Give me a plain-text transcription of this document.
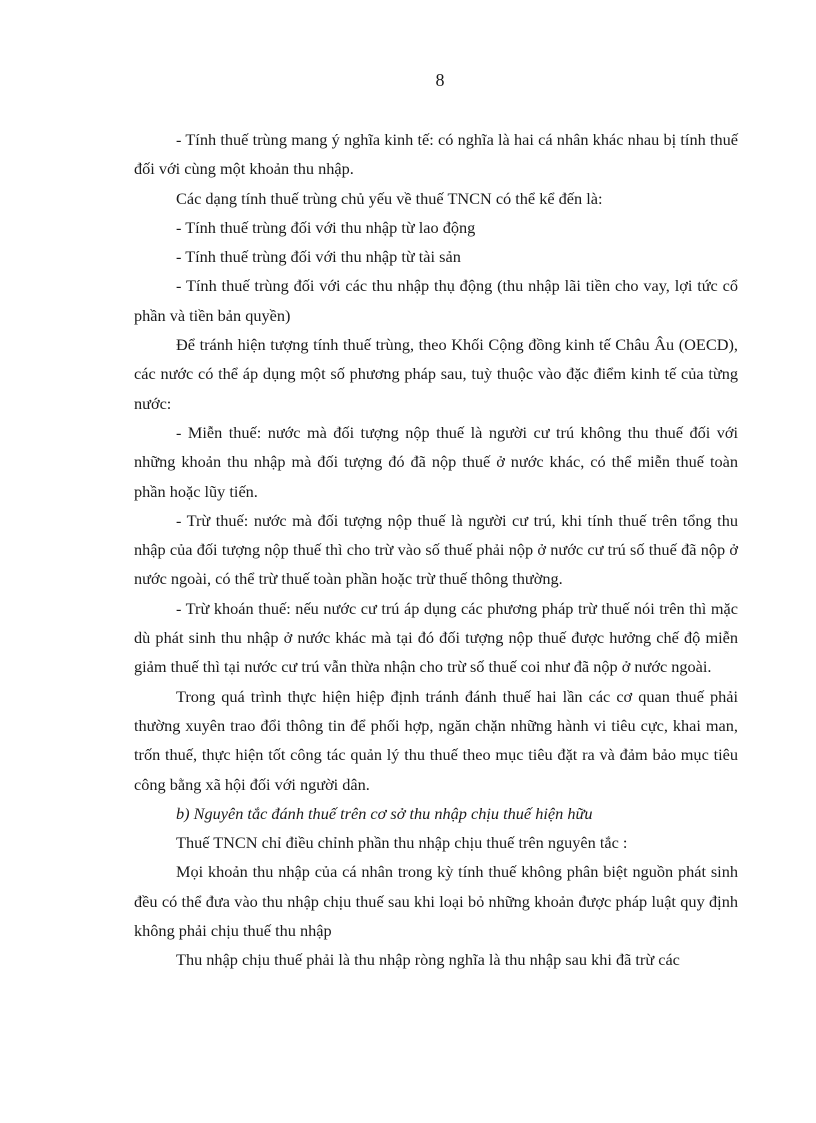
8

- Tính thuế trùng mang ý nghĩa kinh tế: có nghĩa là hai cá nhân khác nhau bị tính thuế đối với cùng một khoản thu nhập.

Các dạng tính thuế trùng chủ yếu về thuế TNCN có thể kể đến là:

- Tính thuế trùng đối với thu nhập từ lao động

- Tính thuế trùng đối với thu nhập từ tài sản

- Tính thuế trùng đối với các thu nhập thụ động (thu nhập lãi tiền cho vay, lợi tức cổ phần và tiền bản quyền)

Để tránh hiện tượng tính thuế trùng, theo Khối Cộng đồng kinh tế Châu Âu (OECD), các nước có thể áp dụng một số phương pháp sau, tuỳ thuộc vào đặc điểm kinh tế của từng nước:

- Miễn thuế: nước mà đối tượng nộp thuế là người cư trú không thu thuế đối với những khoản thu nhập mà đối tượng đó đã nộp thuế ở nước khác, có thể miễn thuế toàn phần hoặc lũy tiến.

- Trừ thuế: nước mà đối tượng nộp thuế là người cư trú, khi tính thuế trên tổng thu nhập của đối tượng nộp thuế thì cho trừ vào số thuế phải nộp ở nước cư trú số thuế đã nộp ở nước ngoài, có thể trừ thuế toàn phần hoặc trừ thuế thông thường.

- Trừ khoán thuế: nếu nước cư trú áp dụng các phương pháp trừ thuế nói trên thì mặc dù phát sinh thu nhập ở nước khác mà tại đó đối tượng nộp thuế được hưởng chế độ miễn giảm thuế thì tại nước cư trú vẫn thừa nhận cho trừ số thuế coi như đã nộp ở nước ngoài.

Trong quá trình thực hiện hiệp định tránh đánh thuế hai lần các cơ quan thuế phải thường xuyên trao đổi thông tin để phối hợp, ngăn chặn những hành vi tiêu cực, khai man, trốn thuế, thực hiện tốt công tác quản lý thu thuế theo mục tiêu đặt ra và đảm bảo mục tiêu công bằng xã hội đối với người dân.

b) Nguyên tắc đánh thuế trên cơ sở thu nhập chịu thuế hiện hữu

Thuế TNCN chỉ điều chỉnh phần thu nhập chịu thuế trên nguyên tắc :

Mọi khoản thu nhập của cá nhân trong kỳ tính thuế không phân biệt nguồn phát sinh đều có thể đưa vào thu nhập chịu thuế sau khi loại bỏ những khoản được pháp luật quy định không phải chịu thuế thu nhập

Thu nhập chịu thuế phải là thu nhập ròng nghĩa là thu nhập sau khi đã trừ các
